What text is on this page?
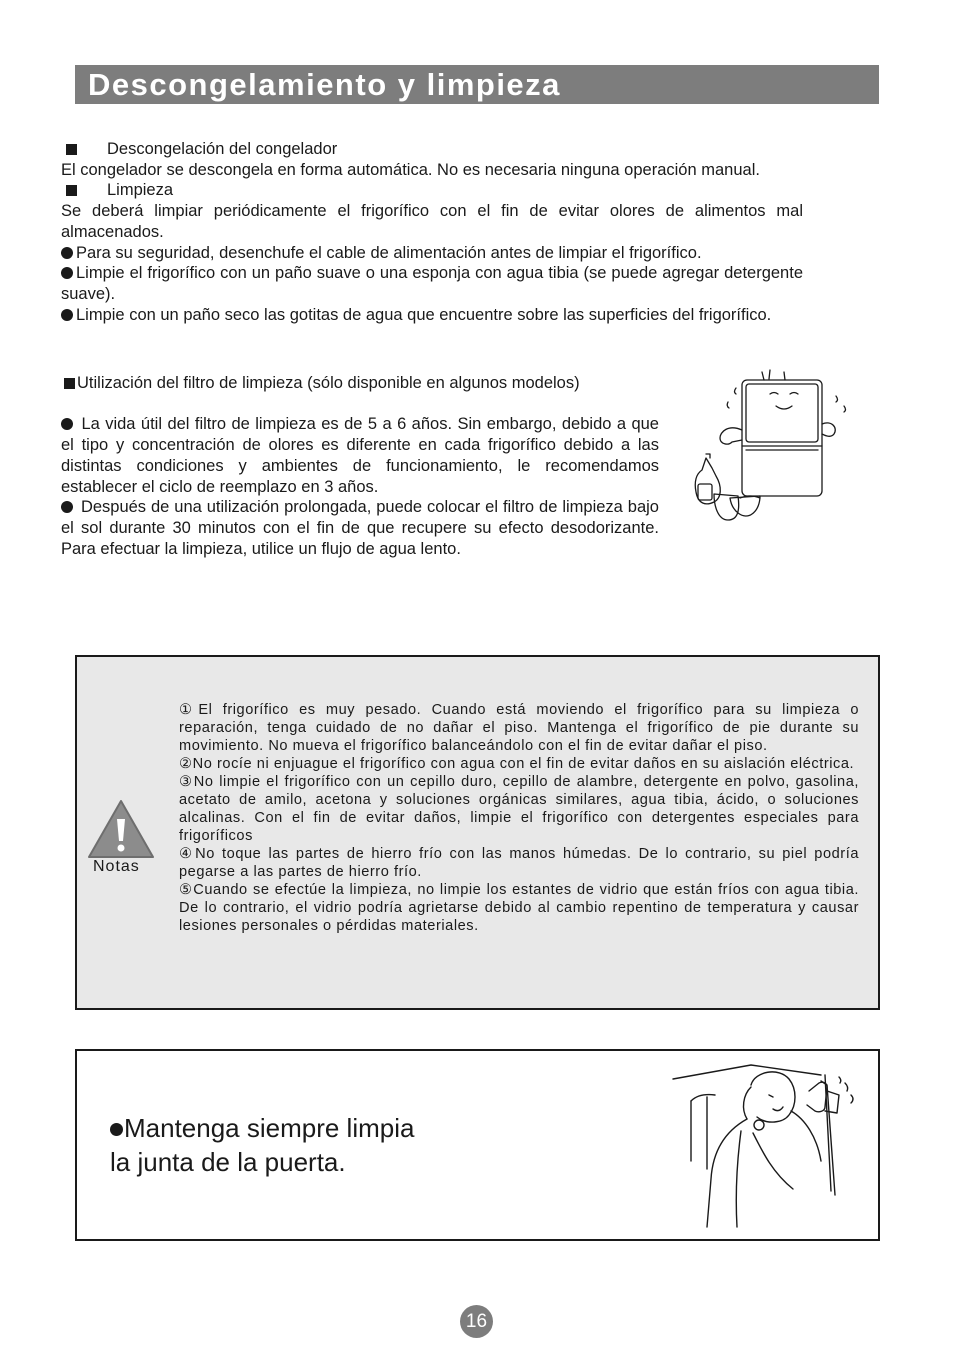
Descongelamiento y limpieza

Descongelación del congelador

El congelador se descongela en forma automática. No es necesaria ninguna operación manual.

Limpieza

Se deberá limpiar periódicamente el frigorífico con el fin de evitar olores de alimentos mal almacenados.

Para su seguridad, desenchufe el cable de alimentación antes de limpiar el frigorífico.

Limpie el frigorífico con un paño suave o una esponja con agua tibia (se puede agregar detergente suave).

Limpie con un paño seco las gotitas de agua que encuentre sobre las superficies del frigorífico.

Utilización del filtro de limpieza (sólo disponible en algunos modelos)

La vida útil del filtro de limpieza es de 5 a 6 años. Sin embargo, debido a que el tipo y concentración de olores es diferente en cada frigorífico debido a las distintas condiciones y ambientes de funcionamiento, le recomendamos establecer el ciclo de reemplazo en 3 años.

Después de una utilización prolongada, puede colocar el filtro de limpieza bajo el sol durante 30 minutos con el fin de que recupere su efecto desodorizante. Para efectuar la limpieza, utilice un flujo de agua lento.

Notas

①El frigorífico es muy pesado. Cuando está moviendo el frigorífico para su limpieza o reparación, tenga cuidado de no dañar el piso. Mantenga el frigorífico de pie durante su movimiento. No mueva el frigorífico balanceándolo con el fin de evitar dañar el piso.

②No rocíe ni enjuague el frigorífico con agua con el fin de evitar daños en su aislación eléctrica.

③No limpie el frigorífico con un cepillo duro, cepillo de alambre, detergente en polvo, gasolina, acetato de amilo, acetona y soluciones orgánicas similares, agua tibia, ácido, o soluciones alcalinas. Con el fin de evitar daños, limpie el frigorífico con detergentes especiales para frigoríficos

④No toque las partes de hierro frío con las manos húmedas. De lo contrario, su piel podría pegarse a las partes de hierro frío.

⑤Cuando se efectúe la limpieza, no limpie los estantes de vidrio que están fríos con agua tibia. De lo contrario, el vidrio podría agrietarse debido al cambio repentino de temperatura y causar lesiones personales o pérdidas materiales.

Mantenga siempre limpia
la junta de la puerta.
16
